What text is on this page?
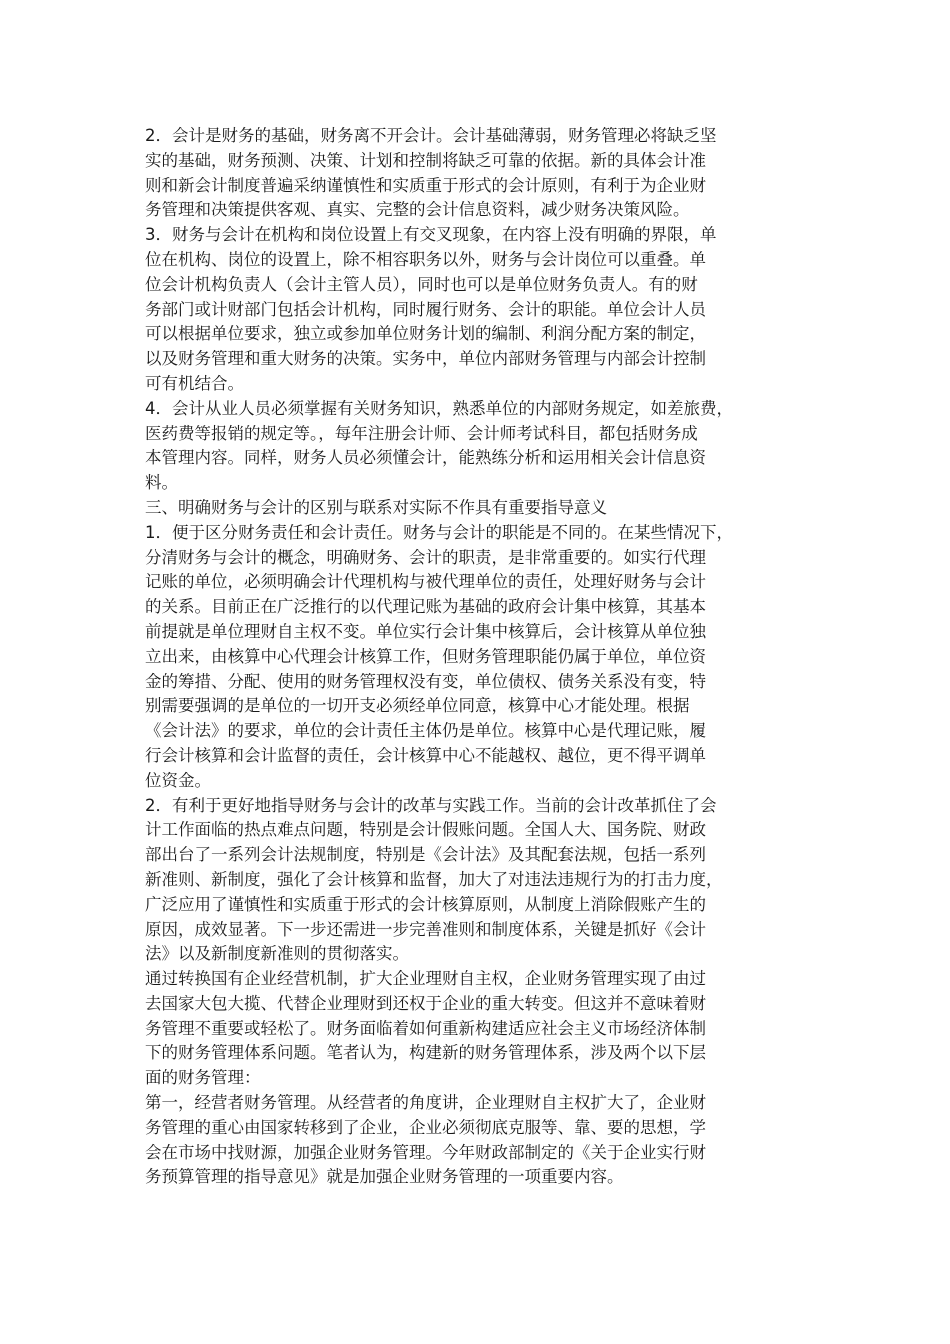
2．会计是财务的基础，财务离不开会计。会计基础薄弱，财务管理必将缺乏坚
实的基础，财务预测、决策、计划和控制将缺乏可靠的依据。新的具体会计准
则和新会计制度普遍采纳谨慎性和实质重于形式的会计原则，有利于为企业财
务管理和决策提供客观、真实、完整的会计信息资料，减少财务决策风险。
3．财务与会计在机构和岗位设置上有交叉现象，在内容上没有明确的界限，单
位在机构、岗位的设置上，除不相容职务以外，财务与会计岗位可以重叠。单
位会计机构负责人（会计主管人员），同时也可以是单位财务负责人。有的财
务部门或计财部门包括会计机构，同时履行财务、会计的职能。单位会计人员
可以根据单位要求，独立或参加单位财务计划的编制、利润分配方案的制定，
以及财务管理和重大财务的决策。实务中，单位内部财务管理与内部会计控制
可有机结合。
4．会计从业人员必须掌握有关财务知识，熟悉单位的内部财务规定，如差旅费，
医药费等报销的规定等。，每年注册会计师、会计师考试科目，都包括财务成
本管理内容。同样，财务人员必须懂会计，能熟练分析和运用相关会计信息资
料。
三、明确财务与会计的区别与联系对实际不作具有重要指导意义
1．便于区分财务责任和会计责任。财务与会计的职能是不同的。在某些情况下，
分清财务与会计的概念，明确财务、会计的职责，是非常重要的。如实行代理
记账的单位，必须明确会计代理机构与被代理单位的责任，处理好财务与会计
的关系。目前正在广泛推行的以代理记账为基础的政府会计集中核算，其基本
前提就是单位理财自主权不变。单位实行会计集中核算后，会计核算从单位独
立出来，由核算中心代理会计核算工作，但财务管理职能仍属于单位，单位资
金的筹措、分配、使用的财务管理权没有变，单位债权、债务关系没有变，特
别需要强调的是单位的一切开支必须经单位同意，核算中心才能处理。根据
《会计法》的要求，单位的会计责任主体仍是单位。核算中心是代理记账，履
行会计核算和会计监督的责任，会计核算中心不能越权、越位，更不得平调单
位资金。
2．有利于更好地指导财务与会计的改革与实践工作。当前的会计改革抓住了会
计工作面临的热点难点问题，特别是会计假账问题。全国人大、国务院、财政
部出台了一系列会计法规制度，特别是《会计法》及其配套法规，包括一系列
新准则、新制度，强化了会计核算和监督，加大了对违法违规行为的打击力度，
广泛应用了谨慎性和实质重于形式的会计核算原则，从制度上消除假账产生的
原因，成效显著。下一步还需进一步完善准则和制度体系，关键是抓好《会计
法》以及新制度新准则的贯彻落实。
通过转换国有企业经营机制，扩大企业理财自主权，企业财务管理实现了由过
去国家大包大揽、代替企业理财到还权于企业的重大转变。但这并不意味着财
务管理不重要或轻松了。财务面临着如何重新构建适应社会主义市场经济体制
下的财务管理体系问题。笔者认为，构建新的财务管理体系，涉及两个以下层
面的财务管理：
第一，经营者财务管理。从经营者的角度讲，企业理财自主权扩大了，企业财
务管理的重心由国家转移到了企业，企业必须彻底克服等、靠、要的思想，学
会在市场中找财源，加强企业财务管理。今年财政部制定的《关于企业实行财
务预算管理的指导意见》就是加强企业财务管理的一项重要内容。
